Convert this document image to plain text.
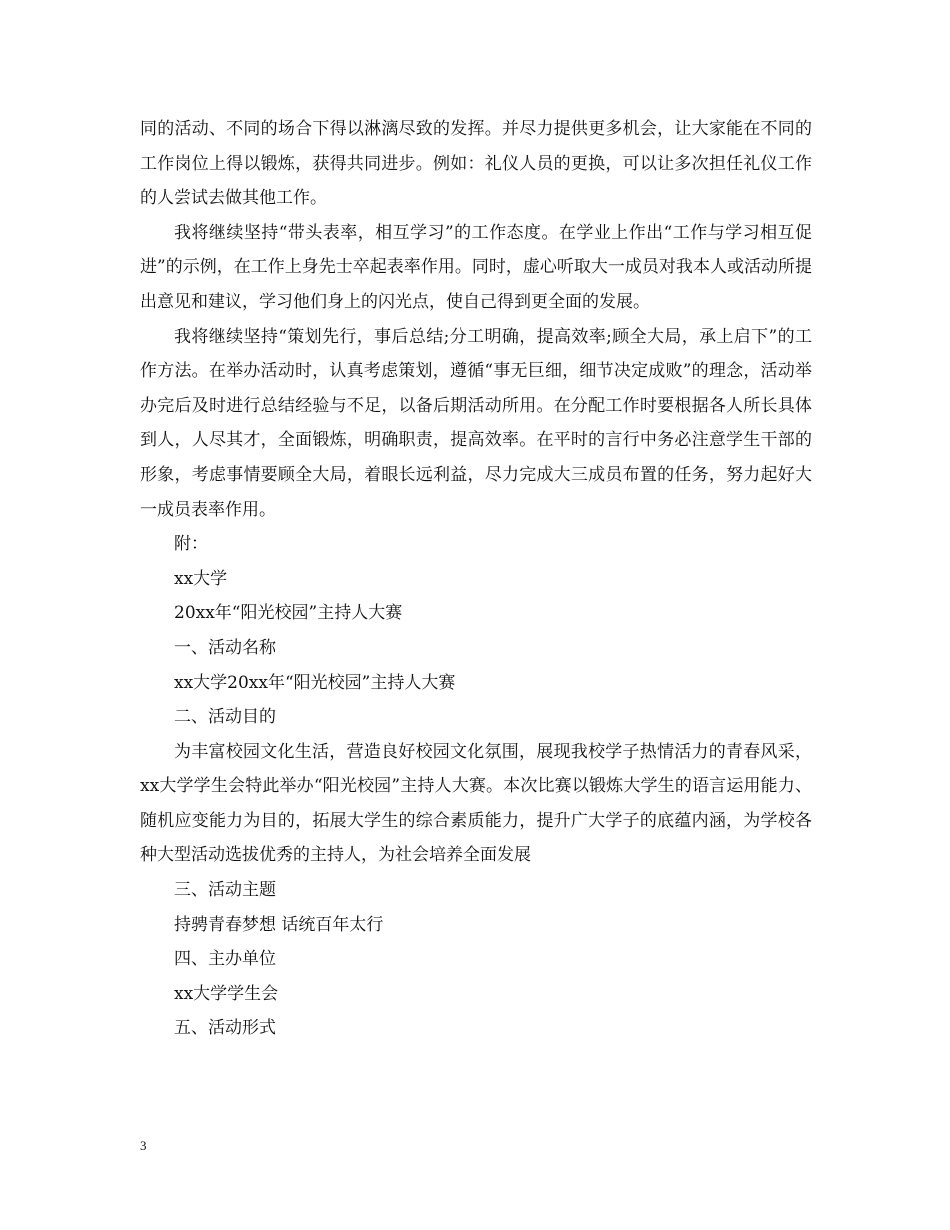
同的活动、不同的场合下得以淋漓尽致的发挥。并尽力提供更多机会，让大家能在不同的工作岗位上得以锻炼，获得共同进步。例如：礼仪人员的更换，可以让多次担任礼仪工作的人尝试去做其他工作。

我将继续坚持“带头表率，相互学习”的工作态度。在学业上作出“工作与学习相互促进”的示例，在工作上身先士卒起表率作用。同时，虚心听取大一成员对我本人或活动所提出意见和建议，学习他们身上的闪光点，使自己得到更全面的发展。

我将继续坚持“策划先行，事后总结;分工明确，提高效率;顾全大局，承上启下”的工作方法。在举办活动时，认真考虑策划，遵循“事无巨细，细节决定成败”的理念，活动举办完后及时进行总结经验与不足，以备后期活动所用。在分配工作时要根据各人所长具体到人，人尽其才，全面锻炼，明确职责，提高效率。在平时的言行中务必注意学生干部的形象，考虑事情要顾全大局，着眼长远利益，尽力完成大三成员布置的任务，努力起好大一成员表率作用。

附：

xx大学

20xx年“阳光校园”主持人大赛

一、活动名称

xx大学20xx年“阳光校园”主持人大赛

二、活动目的

为丰富校园文化生活，营造良好校园文化氛围，展现我校学子热情活力的青春风采，xx大学学生会特此举办“阳光校园”主持人大赛。本次比赛以锻炼大学生的语言运用能力、随机应变能力为目的，拓展大学生的综合素质能力，提升广大学子的底蕴内涵，为学校各种大型活动选拔优秀的主持人，为社会培养全面发展

三、活动主题

持骋青春梦想 话统百年太行

四、主办单位

xx大学学生会

五、活动形式

3
